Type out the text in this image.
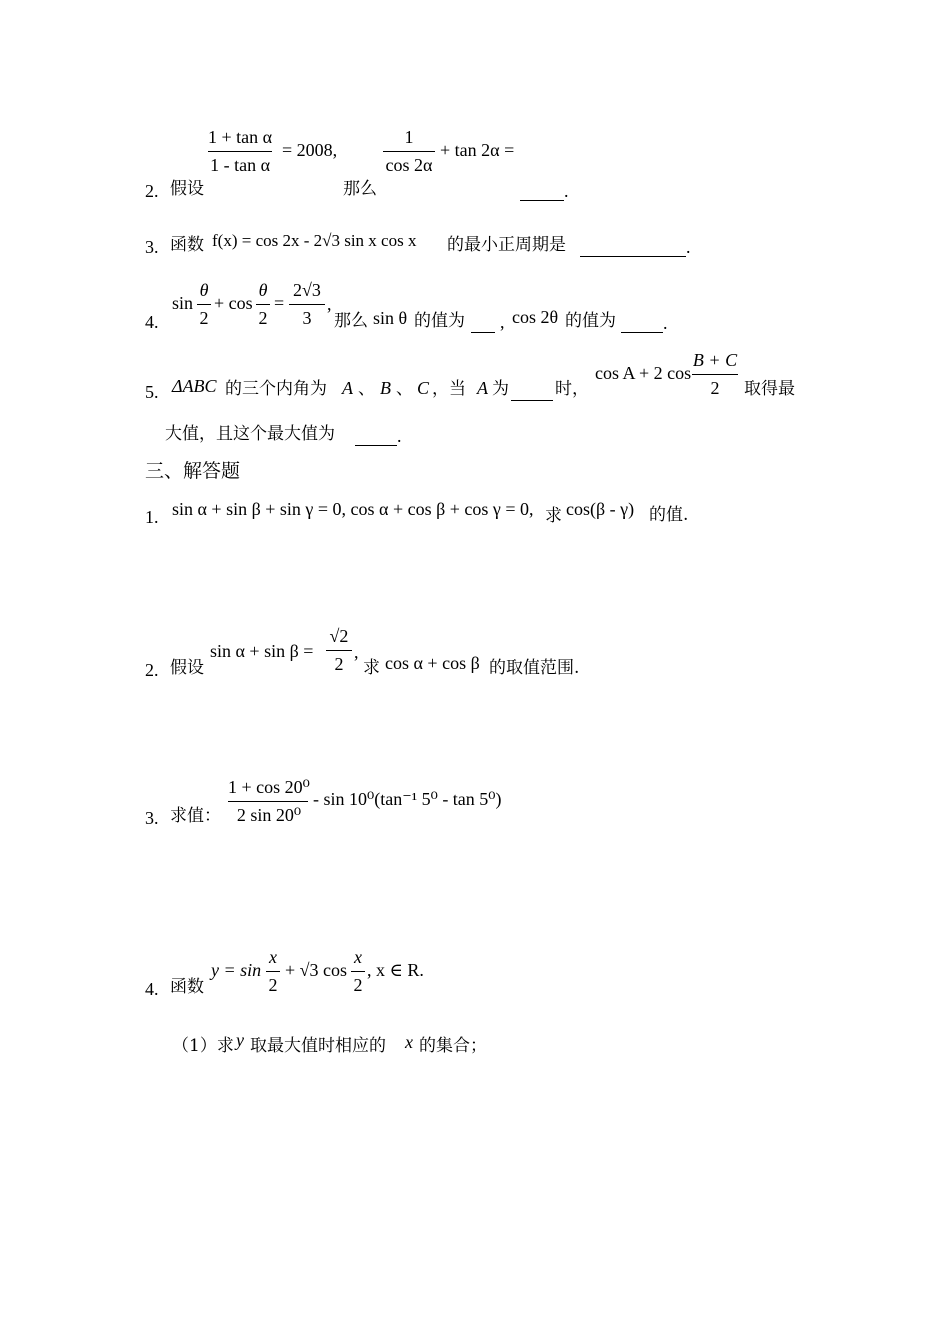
1 + tan α
1 - tan α
= 2008,
1
cos 2α
+ tan 2α =
2. 假设	那么	.
3. 函数 f(x) = cos 2x - 2√3 sin x cos x 的最小正周期是	.
4.
sin
θ
2
+ cos
θ
2
=
2√3
3
,
那么 sin θ 的值为
, cos 2θ 的值为	.
5. ΔABC 的三个内角为 A 、 B 、 C ，当 A 为
	时，
cos A + 2 cos
B + C
2	取得最
大值，且这个最大值为	.
三、解答题
1. sin α + sin β + sin γ = 0, cos α + cos β + cos γ = 0, 求 cos(β - γ) 的值.
2. 假设
sin α + sin β =
√2
2
,
求 cos α + cos β 的取值范围.
3. 求值：
1 + cos 20⁰
2 sin 20⁰
- sin 10⁰(tan⁻¹ 5⁰ - tan 5⁰)
4. 函数
y = sin
x
2
+ √3 cos
x
2
, x ∈ R.
（1）求 y 取最大值时相应的 x 的集合；
